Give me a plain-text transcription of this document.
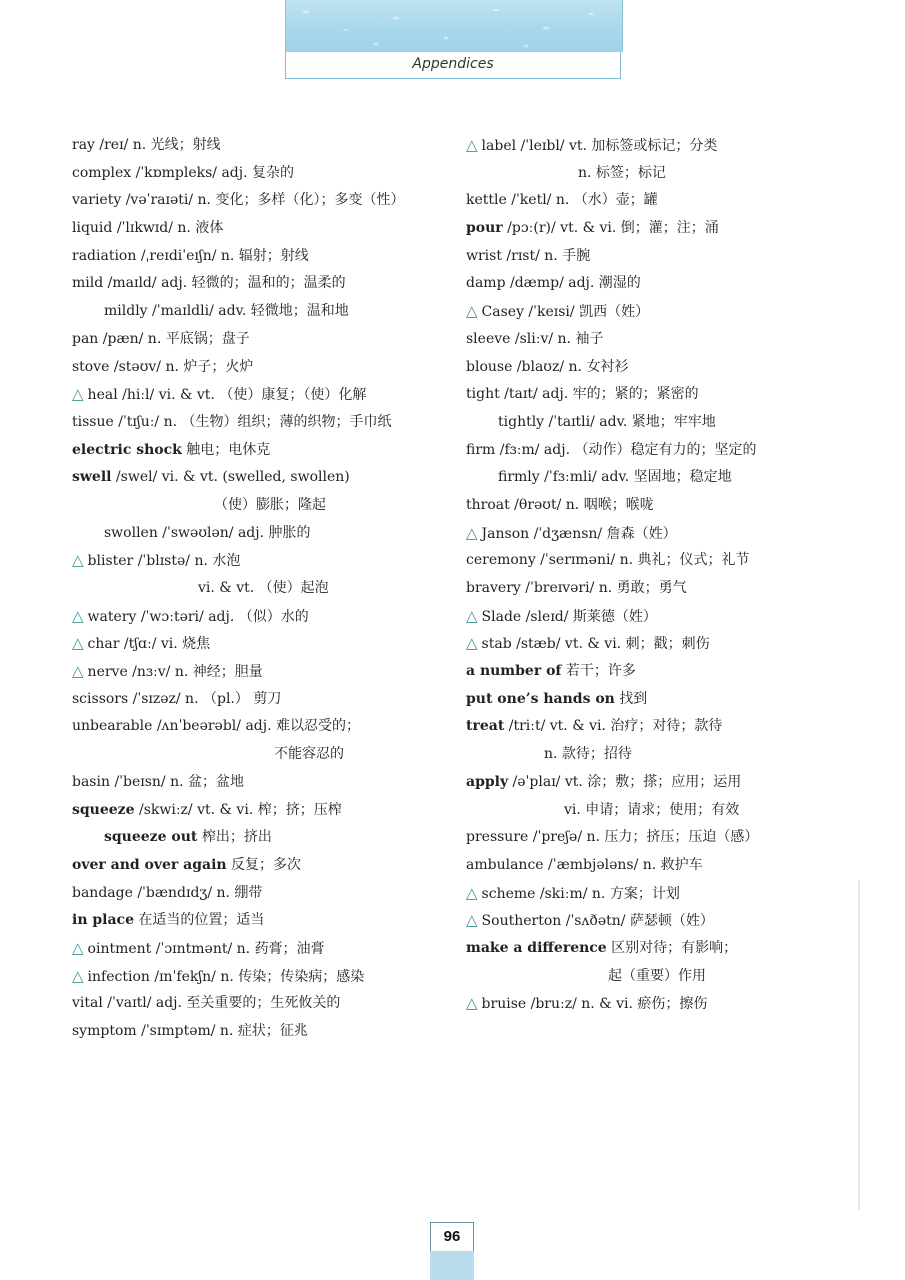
Appendices
ray /reɪ/ n. 光线；射线
complex /ˈkɒmpleks/ adj. 复杂的
variety /vəˈraɪəti/ n. 变化；多样（化）；多变（性）
liquid /ˈlɪkwɪd/ n. 液体
radiation /ˌreɪdiˈeɪʃn/ n. 辐射；射线
mild /maɪld/ adj. 轻微的；温和的；温柔的
mildly /ˈmaɪldli/ adv. 轻微地；温和地
pan /pæn/ n. 平底锅；盘子
stove /stəʊv/ n. 炉子；火炉
△ heal /hiːl/ vi. & vt. （使）康复；（使）化解
tissue /ˈtɪʃuː/ n. （生物）组织；薄的织物；手巾纸
electric shock 触电；电休克
swell /swel/ vi. & vt. (swelled, swollen)
（使）膨胀；隆起
swollen /ˈswəʊlən/ adj. 肿胀的
△ blister /ˈblɪstə/ n. 水泡
vi. & vt. （使）起泡
△ watery /ˈwɔːtəri/ adj. （似）水的
△ char /tʃɑː/ vi. 烧焦
△ nerve /nɜːv/ n. 神经；胆量
scissors /ˈsɪzəz/ n. （pl.） 剪刀
unbearable /ʌnˈbeərəbl/ adj. 难以忍受的；
不能容忍的
basin /ˈbeɪsn/ n. 盆；盆地
squeeze /skwiːz/ vt. & vi. 榨；挤；压榨
squeeze out 榨出；挤出
over and over again 反复；多次
bandage /ˈbændɪdʒ/ n. 绷带
in place 在适当的位置；适当
△ ointment /ˈɔɪntmənt/ n. 药膏；油膏
△ infection /ɪnˈfekʃn/ n. 传染；传染病；感染
vital /ˈvaɪtl/ adj. 至关重要的；生死攸关的
symptom /ˈsɪmptəm/ n. 症状；征兆
△ label /ˈleɪbl/ vt. 加标签或标记；分类
n. 标签；标记
kettle /ˈketl/ n. （水）壶；罐
pour /pɔː(r)/ vt. & vi. 倒；灌；注；涌
wrist /rɪst/ n. 手腕
damp /dæmp/ adj. 潮湿的
△ Casey /ˈkeɪsi/ 凯西（姓）
sleeve /sliːv/ n. 袖子
blouse /blaʊz/ n. 女衬衫
tight /taɪt/ adj. 牢的；紧的；紧密的
tightly /ˈtaɪtli/ adv. 紧地；牢牢地
firm /fɜːm/ adj. （动作）稳定有力的；坚定的
firmly /ˈfɜːmli/ adv. 坚固地；稳定地
throat /θrəʊt/ n. 咽喉；喉咙
△ Janson /ˈdʒænsn/ 詹森（姓）
ceremony /ˈserɪməni/ n. 典礼；仪式；礼节
bravery /ˈbreɪvəri/ n. 勇敢；勇气
△ Slade /sleɪd/ 斯莱德（姓）
△ stab /stæb/ vt. & vi. 刺；戳；刺伤
a number of 若干；许多
put one’s hands on 找到
treat /triːt/ vt. & vi. 治疗；对待；款待
n. 款待；招待
apply /əˈplaɪ/ vt. 涂；敷；搽；应用；运用
vi. 申请；请求；使用；有效
pressure /ˈpreʃə/ n. 压力；挤压；压迫（感）
ambulance /ˈæmbjələns/ n. 救护车
△ scheme /skiːm/ n. 方案；计划
△ Southerton /ˈsʌðətn/ 萨瑟顿（姓）
make a difference 区别对待；有影响；
起（重要）作用
△ bruise /bruːz/ n. & vi. 瘀伤；擦伤
96
